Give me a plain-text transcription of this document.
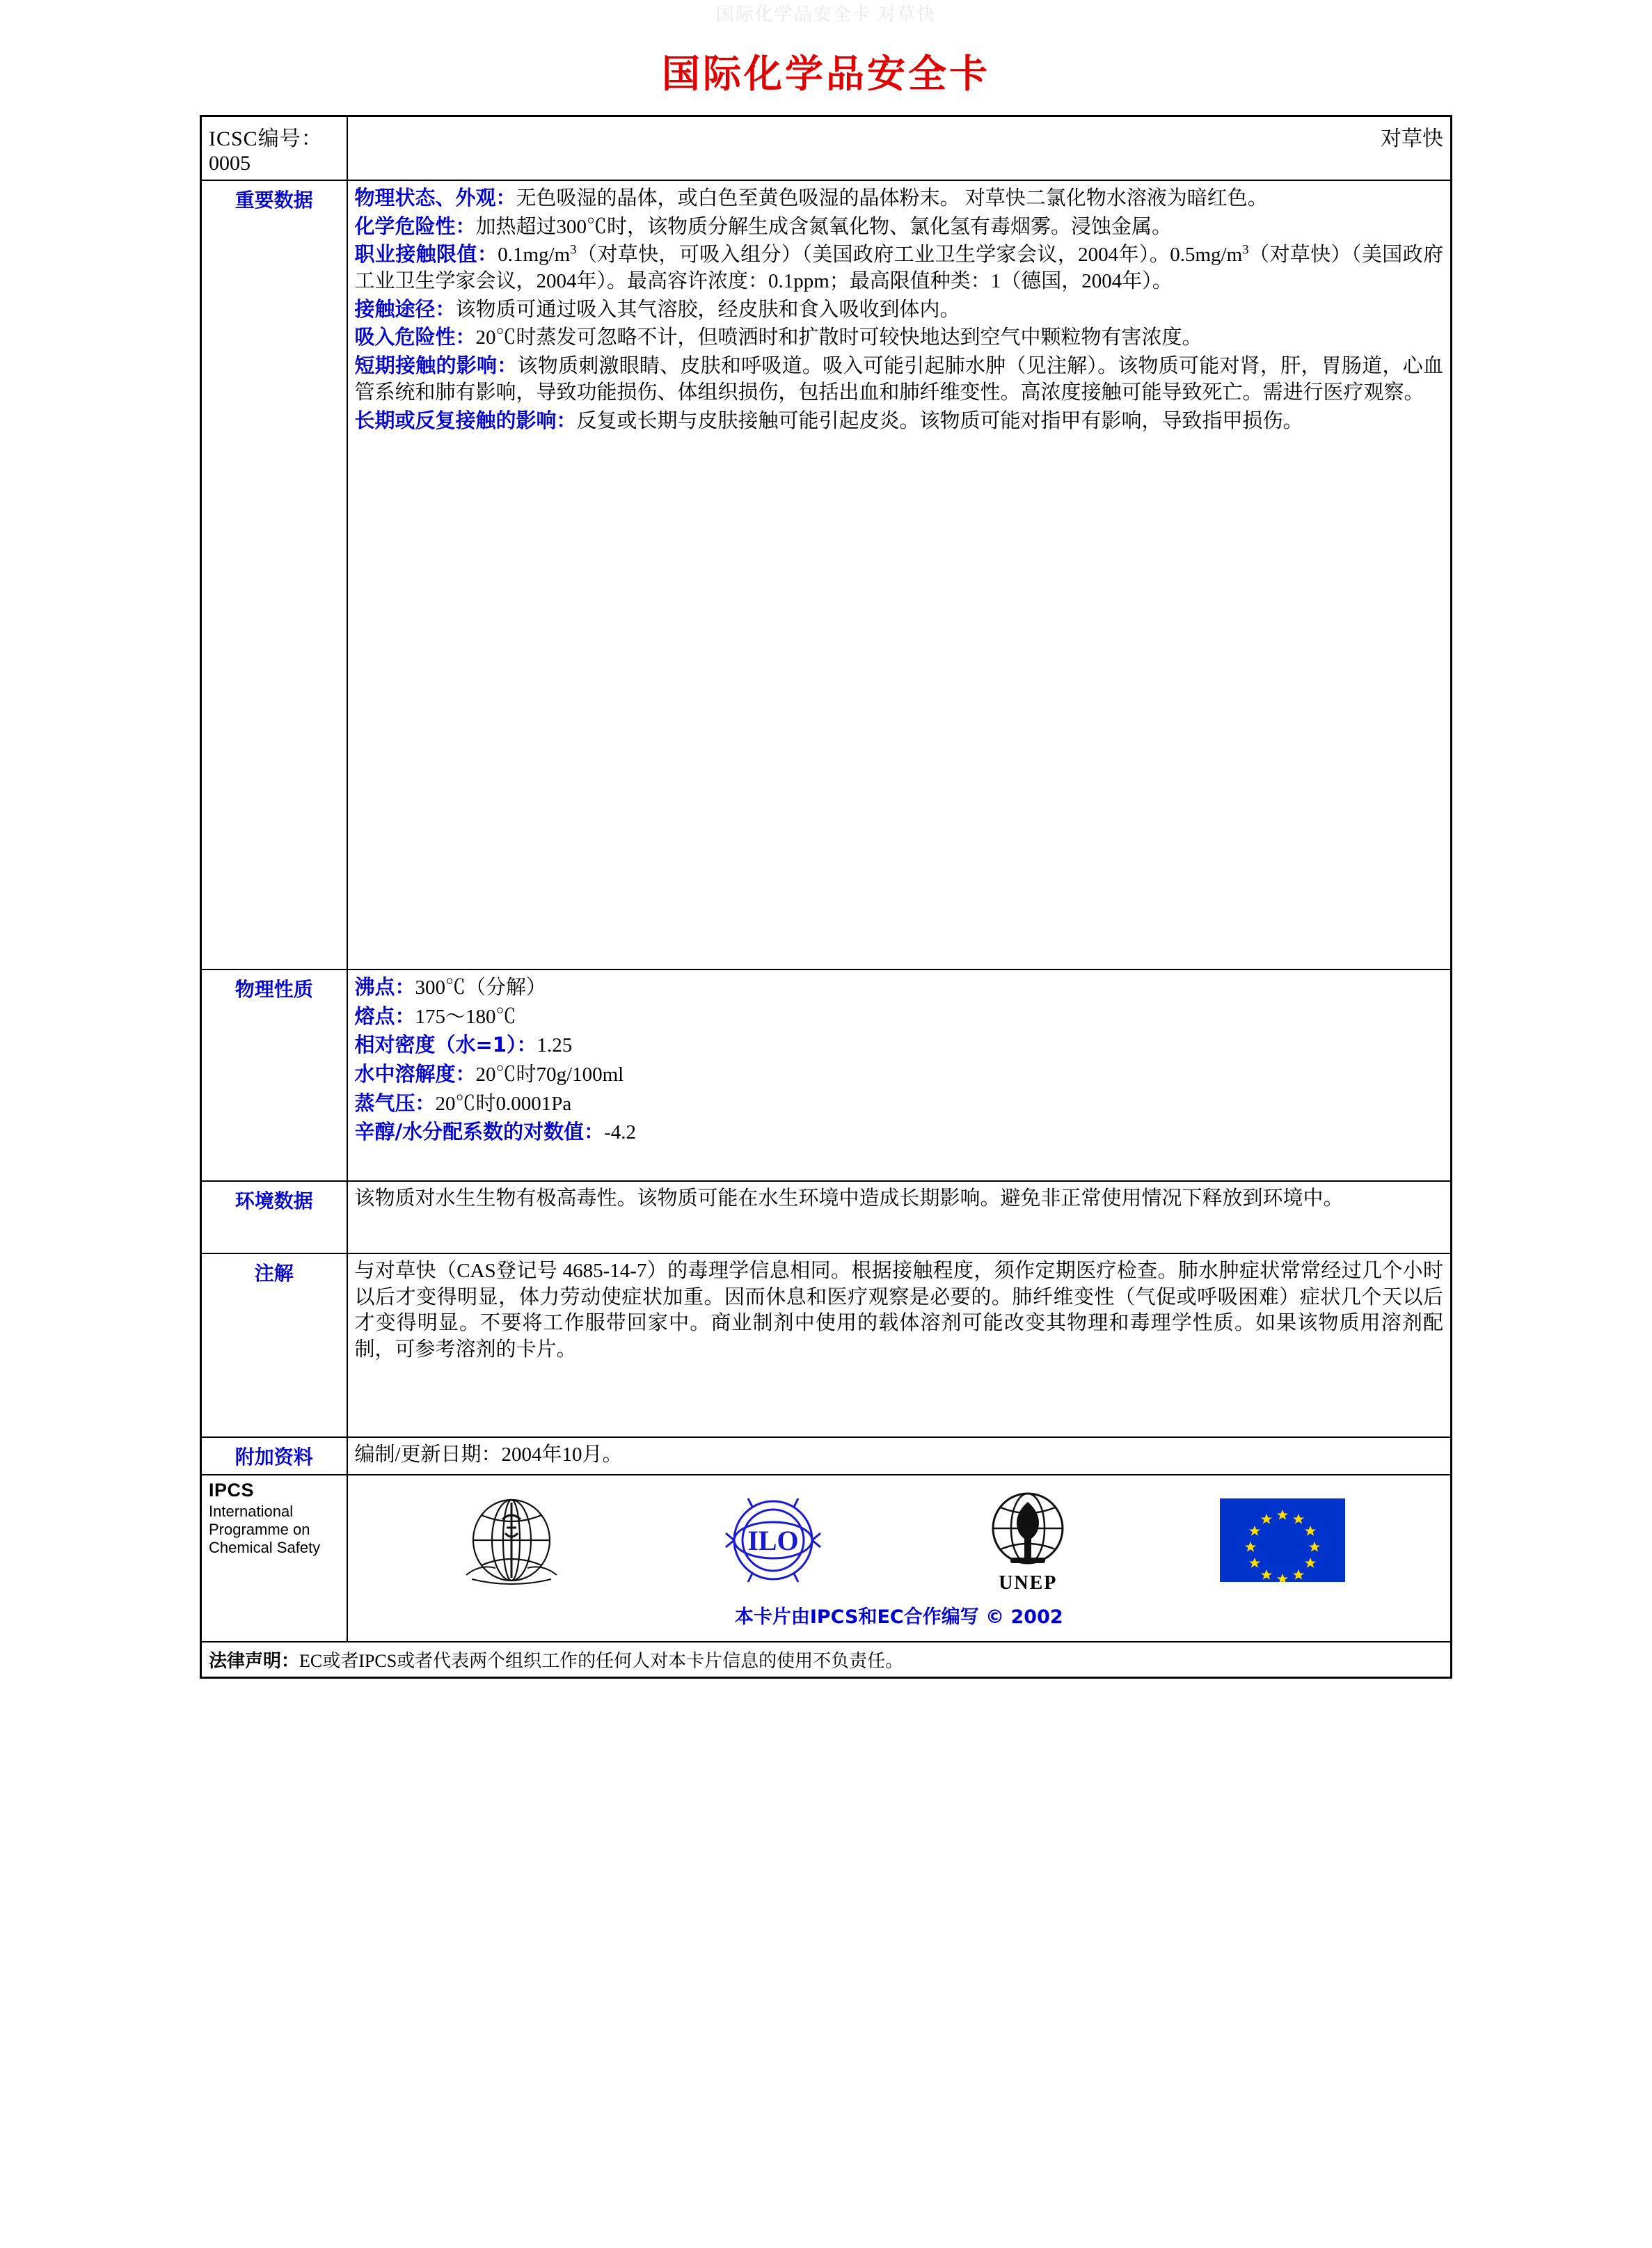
国际化学品安全卡 对草快
国际化学品安全卡
ICSC编号：0005	对草快
重要数据	物理状态、外观：无色吸湿的晶体，或白色至黄色吸湿的晶体粉末。 对草快二氯化物水溶液为暗红色。
化学危险性：加热超过300℃时，该物质分解生成含氮氧化物、氯化氢有毒烟雾。浸蚀金属。
职业接触限值：$0.1mg/m^3$（对草快，可吸入组分）（美国政府工业卫生学家会议，2004年）。$0.5mg/m^3$（对草快）（美国政府工业卫生学家会议，2004年）。最高容许浓度：0.1ppm；最高限值种类：1（德国，2004年）。
接触途径：该物质可通过吸入其气溶胶，经皮肤和食入吸收到体内。
吸入危险性：20℃时蒸发可忽略不计，但喷洒时和扩散时可较快地达到空气中颗粒物有害浓度。
短期接触的影响：该物质刺激眼睛、皮肤和呼吸道。吸入可能引起肺水肿（见注解）。该物质可能对肾，肝，胃肠道，心血管系统和肺有影响，导致功能损伤、体组织损伤，包括出血和肺纤维变性。高浓度接触可能导致死亡。需进行医疗观察。
长期或反复接触的影响：反复或长期与皮肤接触可能引起皮炎。该物质可能对指甲有影响，导致指甲损伤。

物理性质	沸点：300℃（分解）
熔点：175～180℃
相对密度（水=1）：1.25
水中溶解度：20℃时70g/100ml
蒸气压：20℃时0.0001Pa
辛醇/水分配系数的对数值：-4.2

环境数据	该物质对水生生物有极高毒性。该物质可能在水生环境中造成长期影响。避免非正常使用情况下释放到环境中。

注解	与对草快（CAS登记号 4685-14-7）的毒理学信息相同。根据接触程度，须作定期医疗检查。肺水肿症状常常经过几个小时以后才变得明显，体力劳动使症状加重。因而休息和医疗观察是必要的。肺纤维变性（气促或呼吸困难）症状几个天以后才变得明显。不要将工作服带回家中。商业制剂中使用的载体溶剂可能改变其物理和毒理学性质。如果该物质用溶剂配制，可参考溶剂的卡片。

附加资料	编制/更新日期：2004年10月。

IPCS
International Programme on Chemical Safety	ILO
UNEP
本卡片由IPCS和EC合作编写 © 2002

法律声明：EC或者IPCS或者代表两个组织工作的任何人对本卡片信息的使用不负责任。	
